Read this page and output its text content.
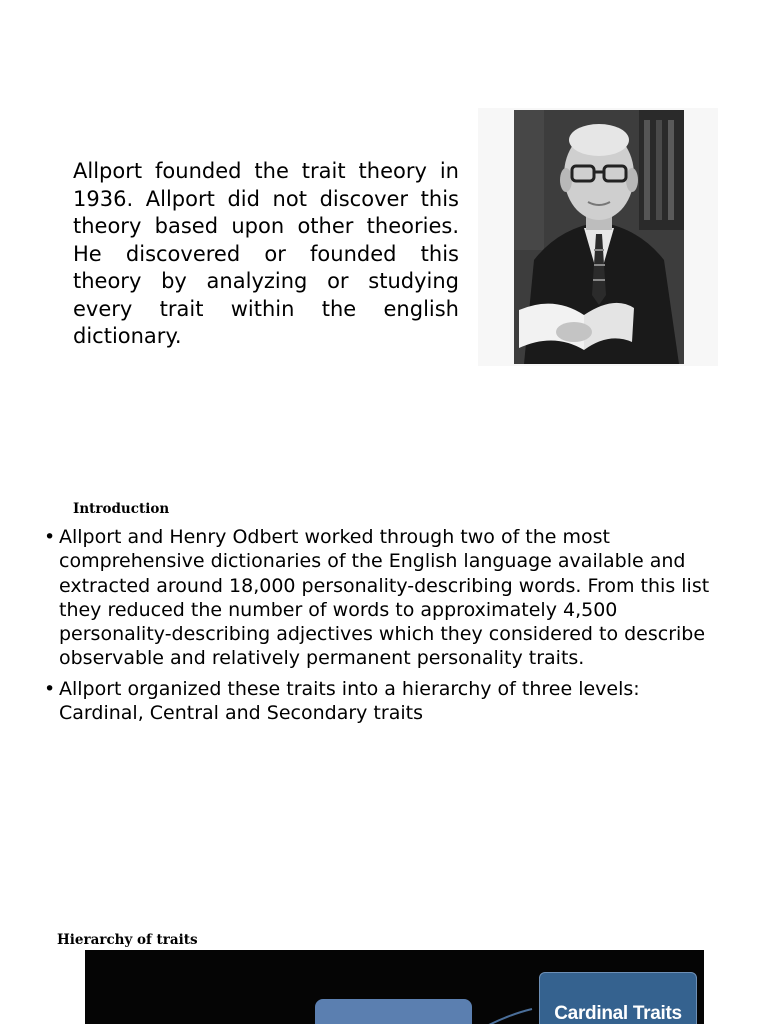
Allport founded the trait theory in 1936. Allport did not discover this theory based upon other theories. He discovered or founded this theory by analyzing or studying every trait within the english dictionary.

Introduction
• Allport and Henry Odbert worked through two of the most comprehensive dictionaries of the English language available and extracted around 18,000 personality-describing words. From this list they reduced the number of words to approximately 4,500 personality-describing adjectives which they considered to describe observable and relatively permanent personality traits.
• Allport organized these traits into a hierarchy of three levels: Cardinal, Central and Secondary traits
Hierarchy of traits
Cardinal Traits
